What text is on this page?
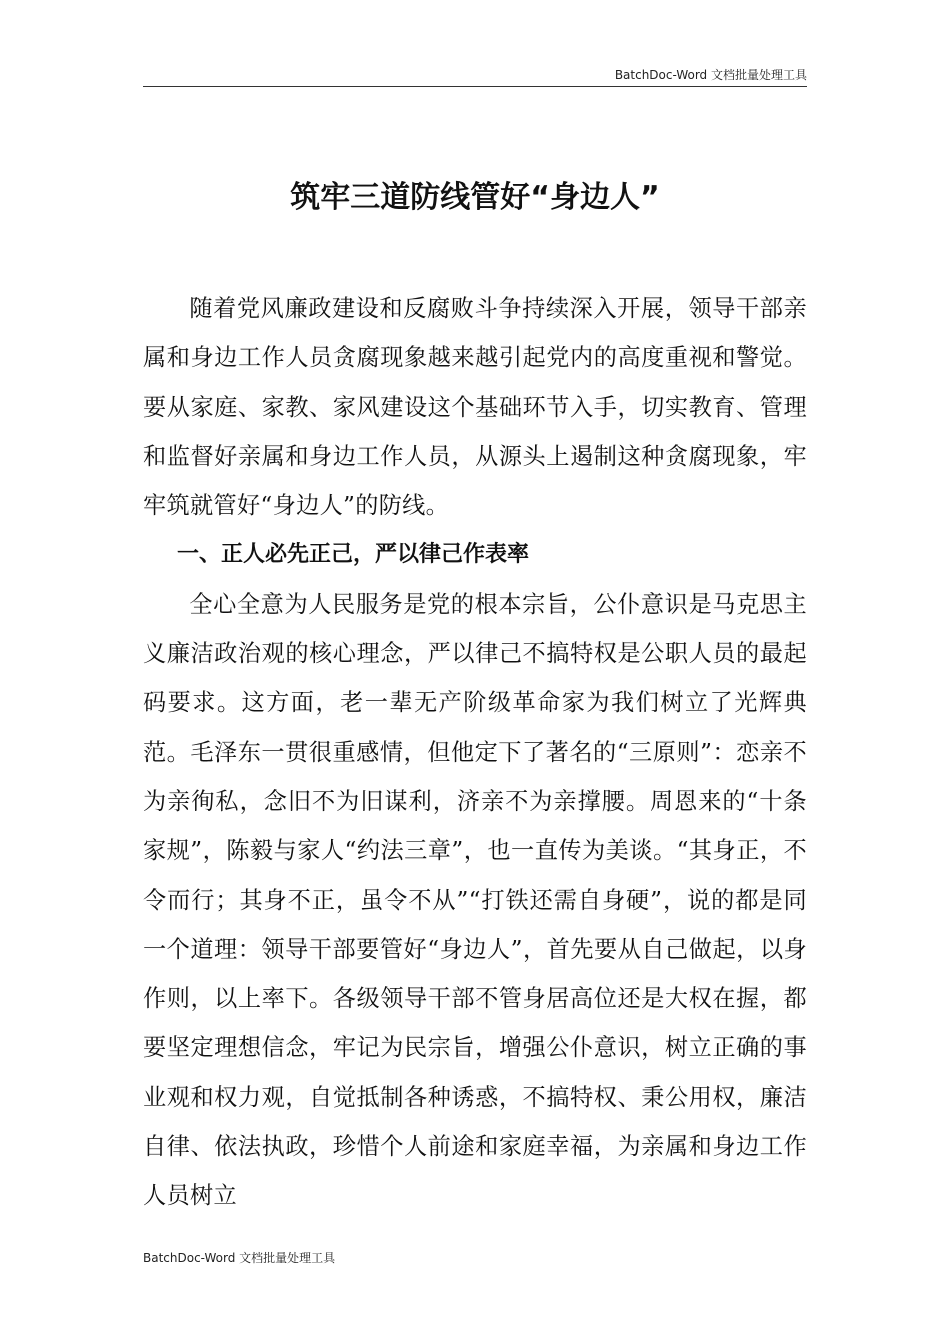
BatchDoc-Word 文档批量处理工具
筑牢三道防线管好“身边人”

随着党风廉政建设和反腐败斗争持续深入开展，领导干部亲属和身边工作人员贪腐现象越来越引起党内的高度重视和警觉。要从家庭、家教、家风建设这个基础环节入手，切实教育、管理和监督好亲属和身边工作人员，从源头上遏制这种贪腐现象，牢牢筑就管好“身边人”的防线。

一、正人必先正己，严以律己作表率

全心全意为人民服务是党的根本宗旨，公仆意识是马克思主义廉洁政治观的核心理念，严以律己不搞特权是公职人员的最起码要求。这方面，老一辈无产阶级革命家为我们树立了光辉典范。毛泽东一贯很重感情，但他定下了著名的“三原则”：恋亲不为亲徇私，念旧不为旧谋利，济亲不为亲撑腰。周恩来的“十条家规”，陈毅与家人“约法三章”，也一直传为美谈。“其身正，不令而行；其身不正，虽令不从”“打铁还需自身硬”，说的都是同一个道理：领导干部要管好“身边人”，首先要从自己做起，以身作则，以上率下。各级领导干部不管身居高位还是大权在握，都要坚定理想信念，牢记为民宗旨，增强公仆意识，树立正确的事业观和权力观，自觉抵制各种诱惑，不搞特权、秉公用权，廉洁自律、依法执政，珍惜个人前途和家庭幸福，为亲属和身边工作人员树立

BatchDoc-Word 文档批量处理工具
